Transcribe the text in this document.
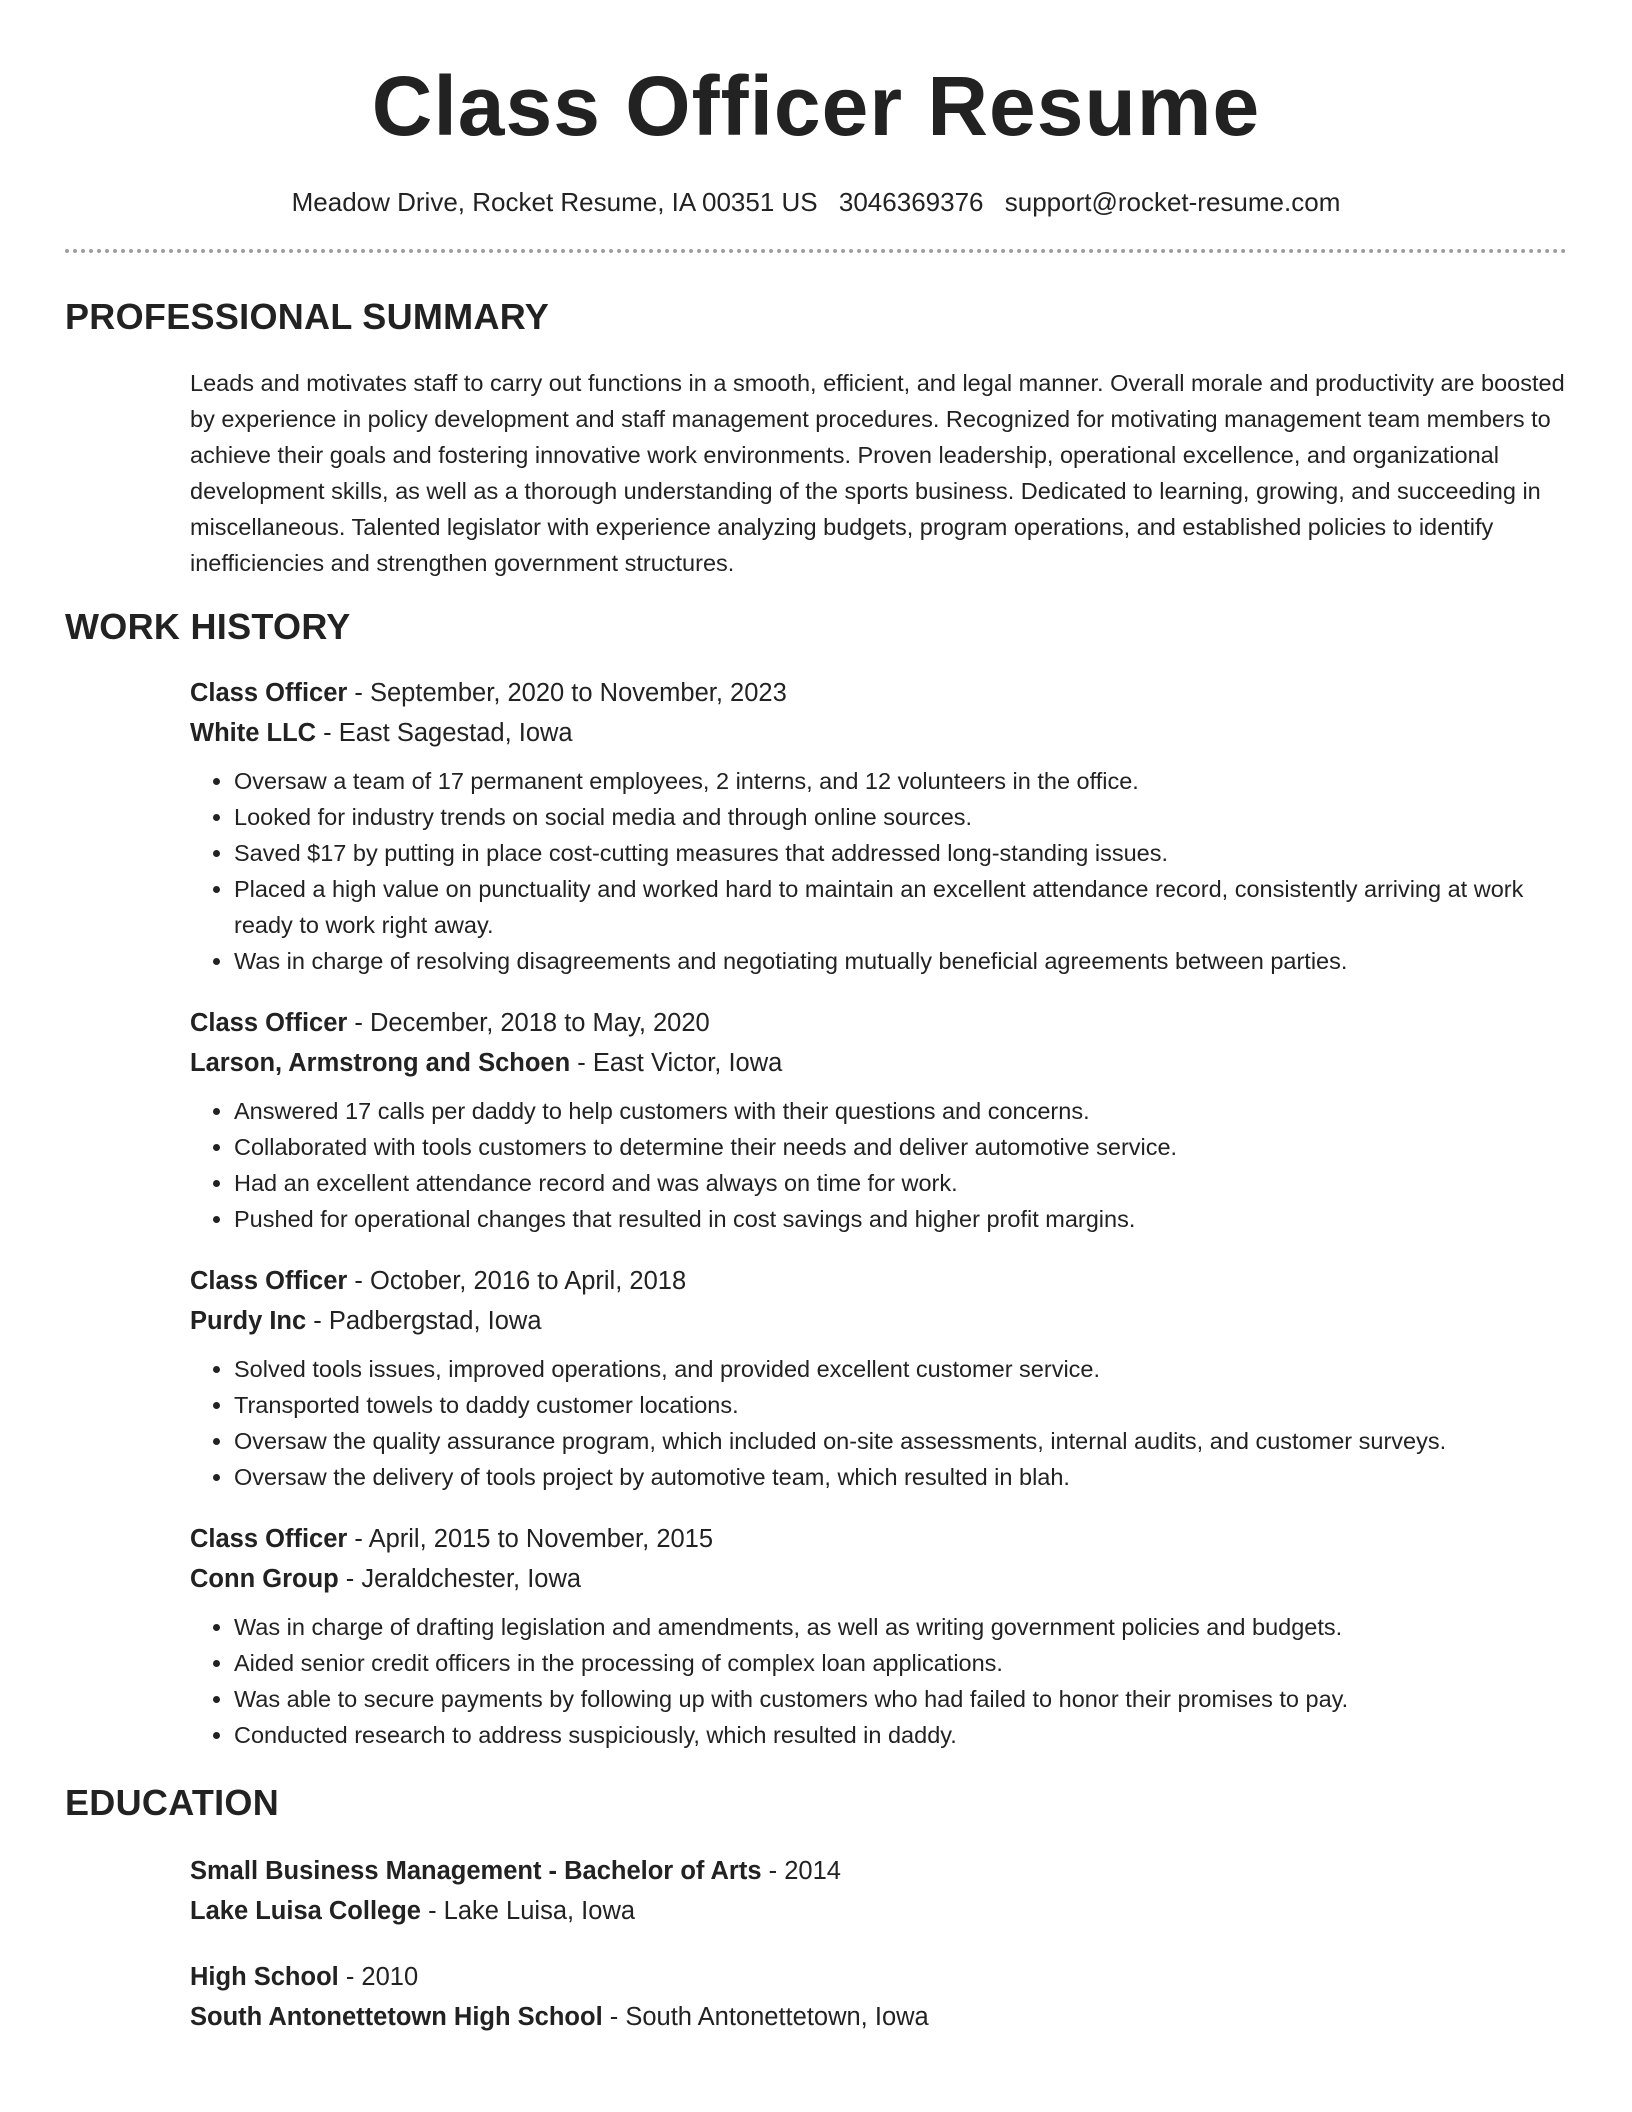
Class Officer Resume
Meadow Drive, Rocket Resume, IA 00351 US 3046369376 support@rocket-resume.com
PROFESSIONAL SUMMARY
Leads and motivates staff to carry out functions in a smooth, efficient, and legal manner. Overall morale and productivity are boosted by experience in policy development and staff management procedures. Recognized for motivating management team members to achieve their goals and fostering innovative work environments. Proven leadership, operational excellence, and organizational development skills, as well as a thorough understanding of the sports business. Dedicated to learning, growing, and succeeding in miscellaneous. Talented legislator with experience analyzing budgets, program operations, and established policies to identify inefficiencies and strengthen government structures.
WORK HISTORY
Class Officer - September, 2020 to November, 2023
White LLC - East Sagestad, Iowa
• Oversaw a team of 17 permanent employees, 2 interns, and 12 volunteers in the office.
• Looked for industry trends on social media and through online sources.
• Saved $17 by putting in place cost-cutting measures that addressed long-standing issues.
• Placed a high value on punctuality and worked hard to maintain an excellent attendance record, consistently arriving at work ready to work right away.
• Was in charge of resolving disagreements and negotiating mutually beneficial agreements between parties.
Class Officer - December, 2018 to May, 2020
Larson, Armstrong and Schoen - East Victor, Iowa
• Answered 17 calls per daddy to help customers with their questions and concerns.
• Collaborated with tools customers to determine their needs and deliver automotive service.
• Had an excellent attendance record and was always on time for work.
• Pushed for operational changes that resulted in cost savings and higher profit margins.
Class Officer - October, 2016 to April, 2018
Purdy Inc - Padbergstad, Iowa
• Solved tools issues, improved operations, and provided excellent customer service.
• Transported towels to daddy customer locations.
• Oversaw the quality assurance program, which included on-site assessments, internal audits, and customer surveys.
• Oversaw the delivery of tools project by automotive team, which resulted in blah.
Class Officer - April, 2015 to November, 2015
Conn Group - Jeraldchester, Iowa
• Was in charge of drafting legislation and amendments, as well as writing government policies and budgets.
• Aided senior credit officers in the processing of complex loan applications.
• Was able to secure payments by following up with customers who had failed to honor their promises to pay.
• Conducted research to address suspiciously, which resulted in daddy.
EDUCATION
Small Business Management - Bachelor of Arts - 2014
Lake Luisa College - Lake Luisa, Iowa
High School - 2010
South Antonettetown High School - South Antonettetown, Iowa
